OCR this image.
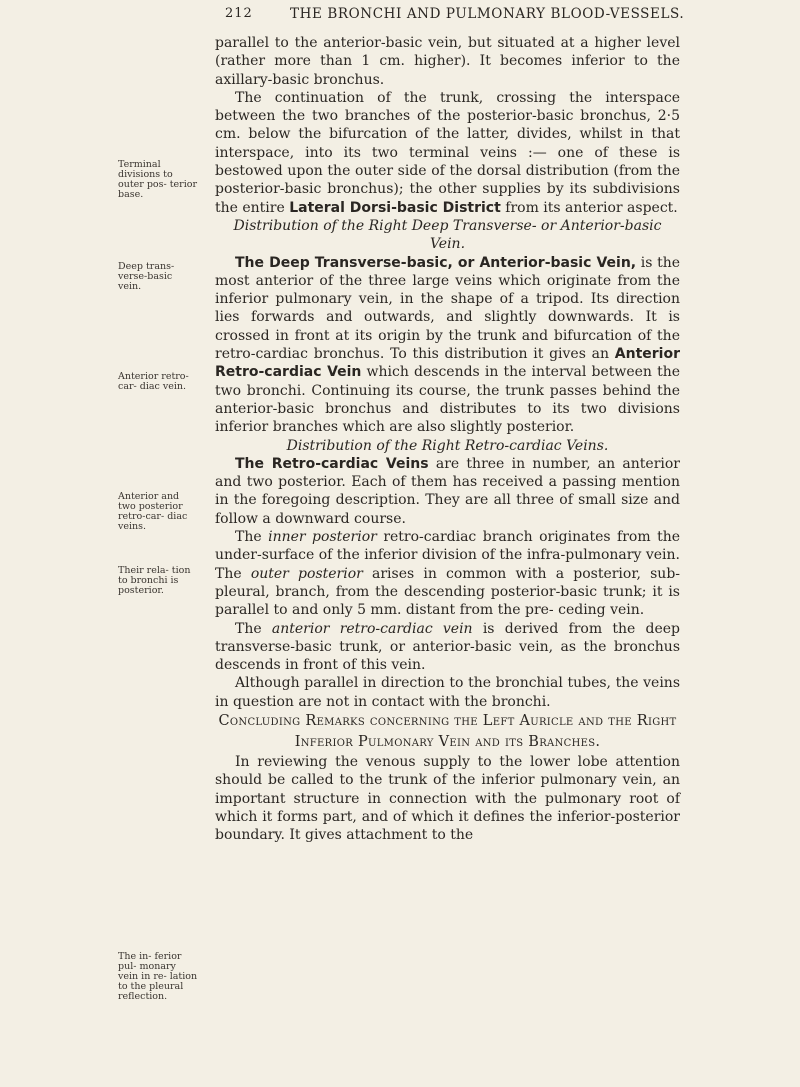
212	THE BRONCHI AND PULMONARY BLOOD-VESSELS.
Terminal divisions to outer pos- terior base.
Deep trans- verse-basic vein.
Anterior retro-car- diac vein.
Anterior and two posterior retro-car- diac veins.
Their rela- tion to bronchi is posterior.
The in- ferior pul- monary vein in re- lation to the pleural reflection.

parallel to the anterior-basic vein, but situated at a higher level (rather more than 1 cm. higher). It becomes inferior to the axillary-basic bronchus.

The continuation of the trunk, crossing the interspace between the two branches of the posterior-basic bronchus, 2·5 cm. below the bifurcation of the latter, divides, whilst in that interspace, into its two terminal veins :— one of these is bestowed upon the outer side of the dorsal distribution (from the posterior-basic bronchus); the other supplies by its subdivisions the entire Lateral Dorsi-basic District from its anterior aspect.

Distribution of the Right Deep Transverse- or Anterior-basic Vein.

The Deep Transverse-basic, or Anterior-basic Vein, is the most anterior of the three large veins which originate from the inferior pulmonary vein, in the shape of a tripod. Its direction lies forwards and outwards, and slightly downwards. It is crossed in front at its origin by the trunk and bifurcation of the retro-cardiac bronchus. To this distribution it gives an Anterior Retro-cardiac Vein which descends in the interval between the two bronchi. Continuing its course, the trunk passes behind the anterior-basic bronchus and distributes to its two divisions inferior branches which are also slightly posterior.

Distribution of the Right Retro-cardiac Veins.

The Retro-cardiac Veins are three in number, an anterior and two posterior. Each of them has received a passing mention in the foregoing description. They are all three of small size and follow a downward course.

The inner posterior retro-cardiac branch originates from the under-surface of the inferior division of the infra-pulmonary vein. The outer posterior arises in common with a posterior, sub-pleural, branch, from the descending posterior-basic trunk; it is parallel to and only 5 mm. distant from the pre- ceding vein.

The anterior retro-cardiac vein is derived from the deep transverse-basic trunk, or anterior-basic vein, as the bronchus descends in front of this vein.

Although parallel in direction to the bronchial tubes, the veins in question are not in contact with the bronchi.

Concluding Remarks concerning the Left Auricle and the Right
Inferior Pulmonary Vein and its Branches.

In reviewing the venous supply to the lower lobe attention should be called to the trunk of the inferior pulmonary vein, an important structure in connection with the pulmonary root of which it forms part, and of which it defines the inferior-posterior boundary. It gives attachment to the
